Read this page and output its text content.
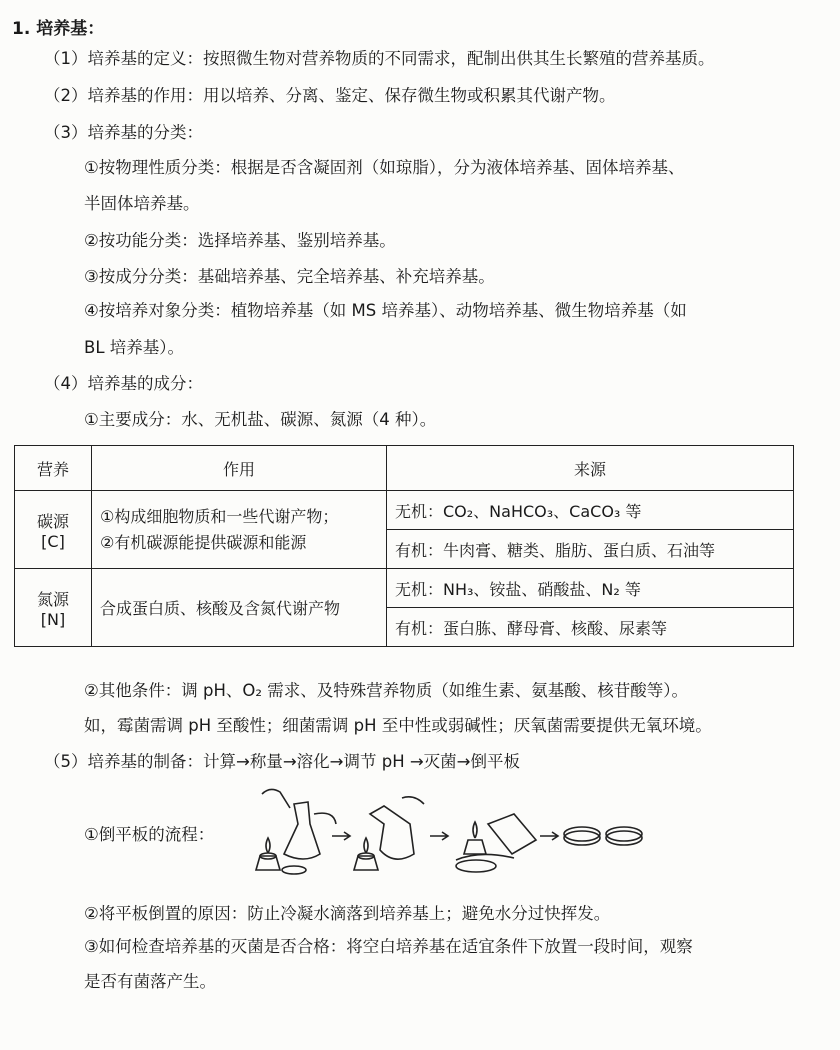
1. 培养基：
（1）培养基的定义：按照微生物对营养物质的不同需求，配制出供其生长繁殖的营养基质。
（2）培养基的作用：用以培养、分离、鉴定、保存微生物或积累其代谢产物。
（3）培养基的分类：
①按物理性质分类：根据是否含凝固剂（如琼脂），分为液体培养基、固体培养基、
半固体培养基。
②按功能分类：选择培养基、鉴别培养基。
③按成分分类：基础培养基、完全培养基、补充培养基。
④按培养对象分类：植物培养基（如 MS 培养基）、动物培养基、微生物培养基（如
BL 培养基）。
（4）培养基的成分：
①主要成分：水、无机盐、碳源、氮源（4 种）。
营养	作用	来源
碳源 [C]	①构成细胞物质和一些代谢产物；
②有机碳源能提供碳源和能源	无机：CO₂、NaHCO₃、CaCO₃ 等
		有机：牛肉膏、糖类、脂肪、蛋白质、石油等
氮源 [N]	合成蛋白质、核酸及含氮代谢产物	无机：NH₃、铵盐、硝酸盐、N₂ 等
		有机：蛋白胨、酵母膏、核酸、尿素等
②其他条件：调 pH、O₂ 需求、及特殊营养物质（如维生素、氨基酸、核苷酸等）。
如，霉菌需调 pH 至酸性；细菌需调 pH 至中性或弱碱性；厌氧菌需要提供无氧环境。
（5）培养基的制备：计算→称量→溶化→调节 pH →灭菌→倒平板
①倒平板的流程：
②将平板倒置的原因：防止冷凝水滴落到培养基上；避免水分过快挥发。
③如何检查培养基的灭菌是否合格：将空白培养基在适宜条件下放置一段时间，观察
是否有菌落产生。
